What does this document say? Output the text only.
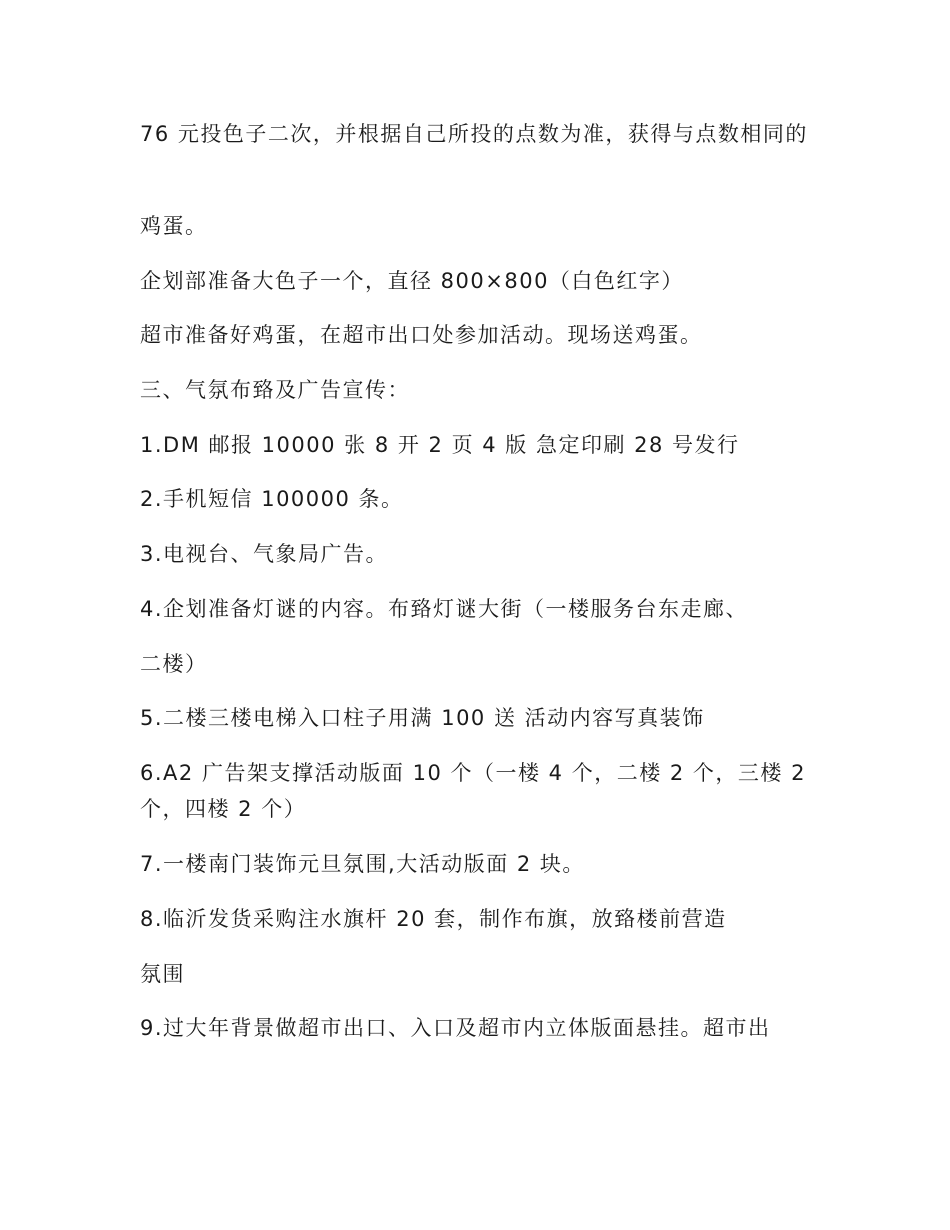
76 元投色子二次，并根据自己所投的点数为准，获得与点数相同的

鸡蛋。

企划部准备大色子一个，直径 800×800（白色红字）

超市准备好鸡蛋，在超市出口处参加活动。现场送鸡蛋。

三、气氛布臵及广告宣传：

1.DM 邮报 10000 张 8 开 2 页 4 版 急定印刷 28 号发行

2.手机短信 100000 条。

3.电视台、气象局广告。

4.企划准备灯谜的内容。布臵灯谜大街（一楼服务台东走廊、

二楼）

5.二楼三楼电梯入口柱子用满 100 送 活动内容写真装饰

6.A2 广告架支撑活动版面 10 个（一楼 4 个，二楼 2 个，三楼 2 个，四楼 2 个）

7.一楼南门装饰元旦氛围,大活动版面 2 块。

8.临沂发货采购注水旗杆 20 套，制作布旗，放臵楼前营造

氛围

9.过大年背景做超市出口、入口及超市内立体版面悬挂。超市出
